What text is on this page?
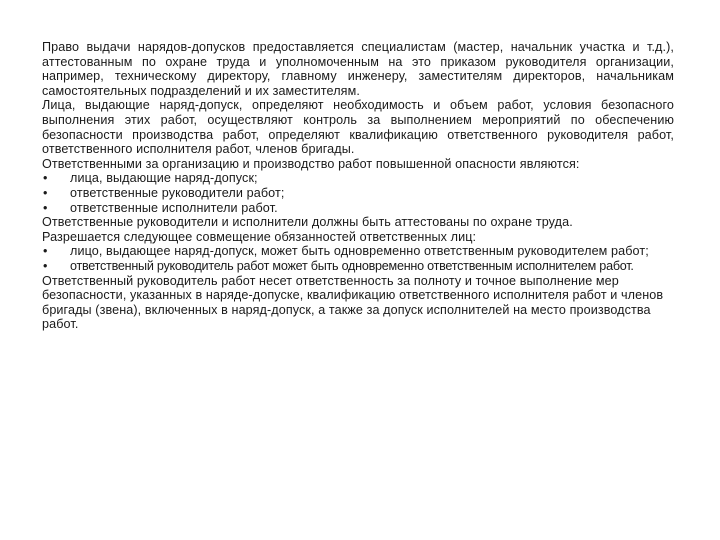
Право выдачи нарядов-допусков предоставляется специалистам (мастер, начальник участка и т.д.), аттестованным по охране труда и уполномоченным на это приказом руководителя организации, например, техническому директору, главному инженеру, заместителям директоров, начальникам самостоятельных подразделений и их заместителям.

Лица, выдающие наряд-допуск, определяют необходимость и объем работ, условия безопасного выполнения этих работ, осуществляют контроль за выполнением мероприятий по обеспечению безопасности производства работ, определяют квалификацию ответственного руководителя работ, ответственного исполнителя работ, членов бригады.

Ответственными за организацию и производство работ повышенной опасности являются:

• лица, выдающие наряд-допуск;
• ответственные руководители работ;
• ответственные исполнители работ.

Ответственные руководители и исполнители должны быть аттестованы по охране труда.

Разрешается следующее совмещение обязанностей ответственных лиц:

• лицо, выдающее наряд-допуск, может быть одновременно ответственным руководителем работ;
• ответственный руководитель работ может быть одновременно ответственным исполнителем работ.

Ответственный руководитель работ несет ответственность за полноту и точное выполнение мер безопасности, указанных в наряде-допуске, квалификацию ответственного исполнителя работ и членов бригады (звена), включенных в наряд-допуск, а также за допуск исполнителей на место производства работ.
